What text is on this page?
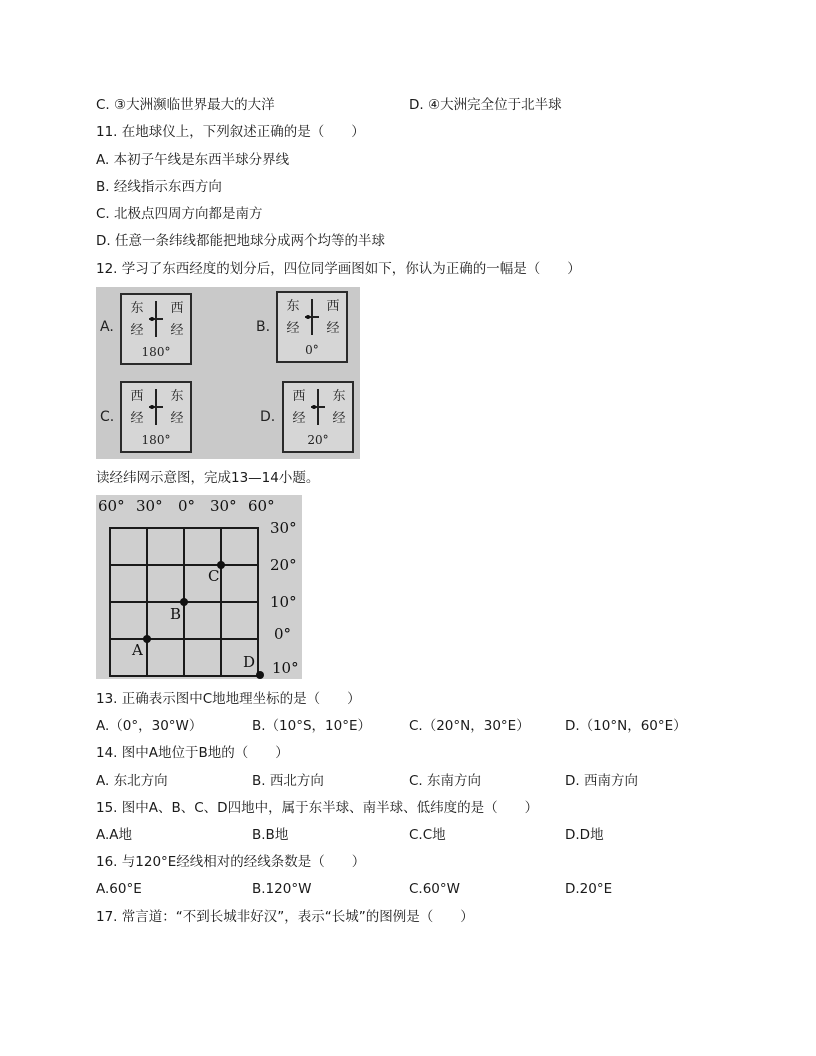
C. ③大洲濒临世界最大的大洋	D. ④大洲完全位于北半球
11. 在地球仪上，下列叙述正确的是（　　）
A. 本初子午线是东西半球分界线
B. 经线指示东西方向
C. 北极点四周方向都是南方
D. 任意一条纬线都能把地球分成两个均等的半球
12. 学习了东西经度的划分后，四位同学画图如下，你认为正确的一幅是（　　）
A.
东
经
西
经
180°
B.
东
经
西
经
0°
C.
西
经
东
经
180°
D.
西
经
东
经
20°
读经纬网示意图，完成13—14小题。
60° 30° 0° 30° 60°
30°
20°
10°
0°
10°
A
B
C
D
13. 正确表示图中C地地理坐标的是（　　）
A.（0°，30°W）	B.（10°S，10°E）	C.（20°N，30°E）	D.（10°N，60°E）
14. 图中A地位于B地的（　　）
A. 东北方向	B. 西北方向	C. 东南方向	D. 西南方向
15. 图中A、B、C、D四地中，属于东半球、南半球、低纬度的是（　　）
A.A地	B.B地	C.C地	D.D地
16. 与120°E经线相对的经线条数是（　　）
A.60°E	B.120°W	C.60°W	D.20°E
17. 常言道：“不到长城非好汉”，表示“长城”的图例是（　　）
